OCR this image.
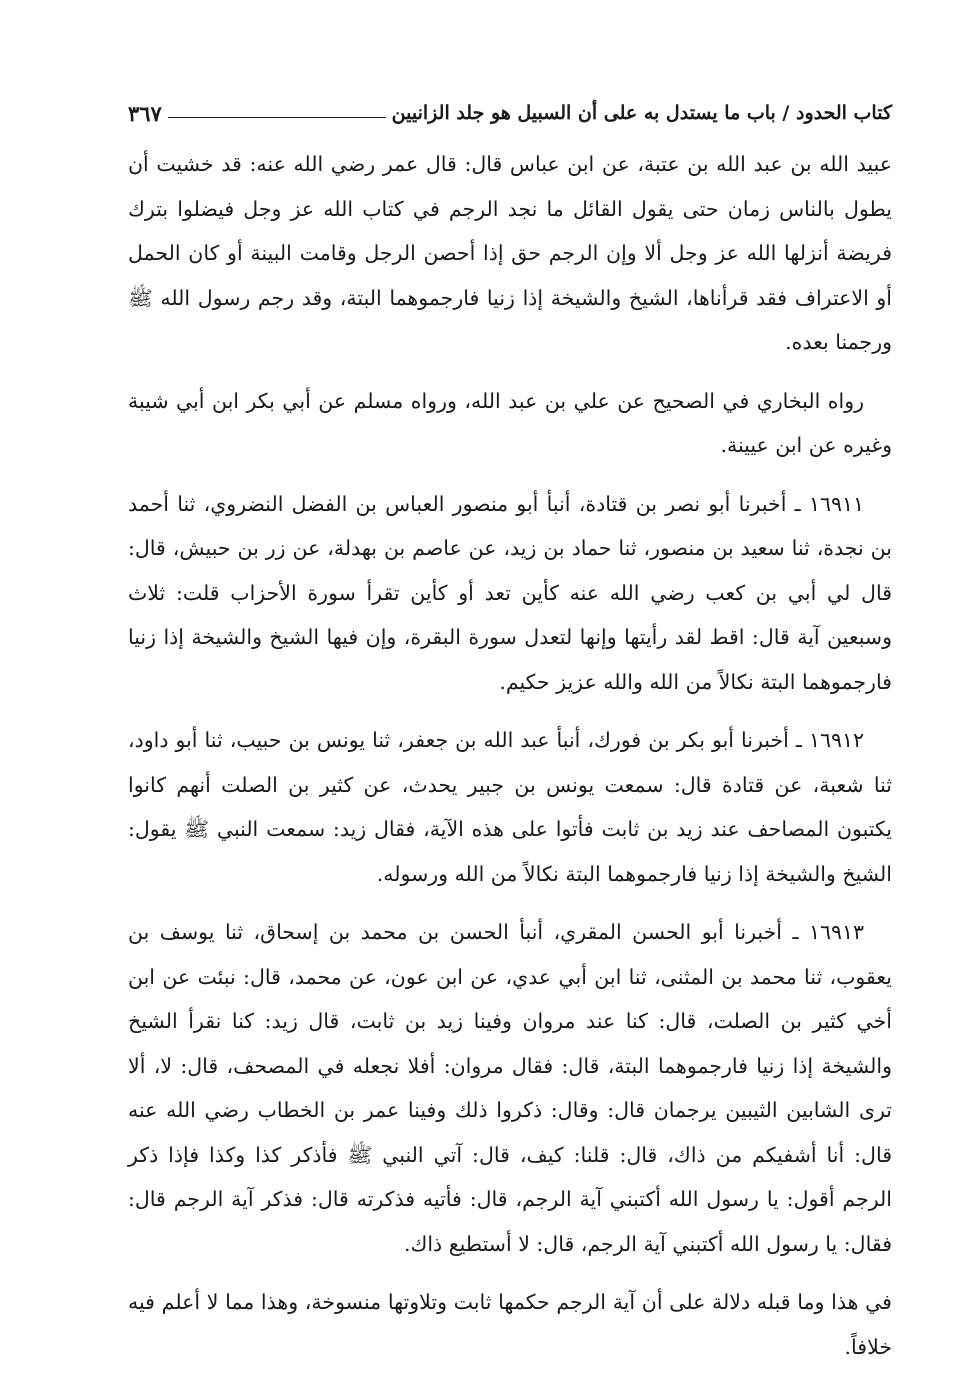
كتاب الحدود / باب ما يستدل به على أن السبيل هو جلد الزانيين
٣٦٧

عبيد الله بن عبد الله بن عتبة، عن ابن عباس قال: قال عمر رضي الله عنه: قد خشيت أن يطول بالناس زمان حتى يقول القائل ما نجد الرجم في كتاب الله عز وجل فيضلوا بترك فريضة أنزلها الله عز وجل ألا وإن الرجم حق إذا أحصن الرجل وقامت البينة أو كان الحمل أو الاعتراف فقد قرأناها، الشيخ والشيخة إذا زنيا فارجموهما البتة، وقد رجم رسول الله ﷺ ورجمنا بعده.

رواه البخاري في الصحيح عن علي بن عبد الله، ورواه مسلم عن أبي بكر ابن أبي شيبة وغيره عن ابن عيينة.

١٦٩١١ ـ أخبرنا أبو نصر بن قتادة، أنبأ أبو منصور العباس بن الفضل النضروي، ثنا أحمد بن نجدة، ثنا سعيد بن منصور، ثنا حماد بن زيد، عن عاصم بن بهدلة، عن زر بن حبيش، قال: قال لي أبي بن كعب رضي الله عنه كأين تعد أو كأين تقرأ سورة الأحزاب قلت: ثلاث وسبعين آية قال: اقط لقد رأيتها وإنها لتعدل سورة البقرة، وإن فيها الشيخ والشيخة إذا زنيا فارجموهما البتة نكالاً من الله والله عزيز حكيم.

١٦٩١٢ ـ أخبرنا أبو بكر بن فورك، أنبأ عبد الله بن جعفر، ثنا يونس بن حبيب، ثنا أبو داود، ثنا شعبة، عن قتادة قال: سمعت يونس بن جبير يحدث، عن كثير بن الصلت أنهم كانوا يكتبون المصاحف عند زيد بن ثابت فأتوا على هذه الآية، فقال زيد: سمعت النبي ﷺ يقول: الشيخ والشيخة إذا زنيا فارجموهما البتة نكالاً من الله ورسوله.

١٦٩١٣ ـ أخبرنا أبو الحسن المقري، أنبأ الحسن بن محمد بن إسحاق، ثنا يوسف بن يعقوب، ثنا محمد بن المثنى، ثنا ابن أبي عدي، عن ابن عون، عن محمد، قال: نبئت عن ابن أخي كثير بن الصلت، قال: كنا عند مروان وفينا زيد بن ثابت، قال زيد: كنا نقرأ الشيخ والشيخة إذا زنيا فارجموهما البتة، قال: فقال مروان: أفلا نجعله في المصحف، قال: لا، ألا ترى الشابين الثيبين يرجمان قال: وقال: ذكروا ذلك وفينا عمر بن الخطاب رضي الله عنه قال: أنا أشفيكم من ذاك، قال: قلنا: كيف، قال: آتي النبي ﷺ فأذكر كذا وكذا فإذا ذكر الرجم أقول: يا رسول الله أكتبني آية الرجم، قال: فأتيه فذكرته قال: فذكر آية الرجم قال: فقال: يا رسول الله أكتبني آية الرجم، قال: لا أستطيع ذاك.

في هذا وما قبله دلالة على أن آية الرجم حكمها ثابت وتلاوتها منسوخة، وهذا مما لا أعلم فيه خلافاً.
